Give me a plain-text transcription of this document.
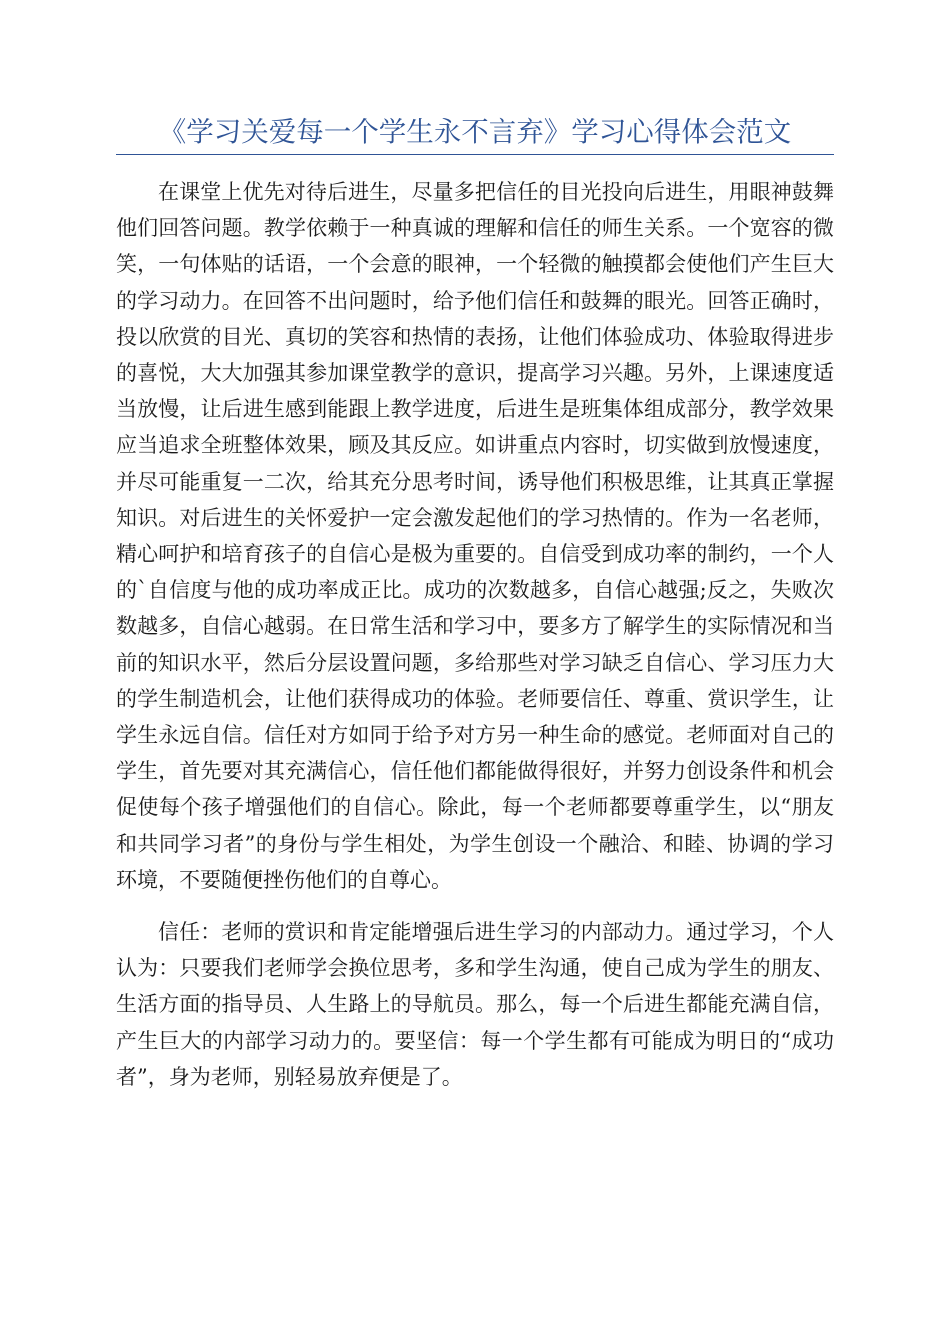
《学习关爱每一个学生永不言弃》学习心得体会范文

在课堂上优先对待后进生，尽量多把信任的目光投向后进生，用眼神鼓舞他们回答问题。教学依赖于一种真诚的理解和信任的师生关系。一个宽容的微笑，一句体贴的话语，一个会意的眼神，一个轻微的触摸都会使他们产生巨大的学习动力。在回答不出问题时，给予他们信任和鼓舞的眼光。回答正确时，投以欣赏的目光、真切的笑容和热情的表扬，让他们体验成功、体验取得进步的喜悦，大大加强其参加课堂教学的意识，提高学习兴趣。另外，上课速度适当放慢，让后进生感到能跟上教学进度，后进生是班集体组成部分，教学效果应当追求全班整体效果，顾及其反应。如讲重点内容时，切实做到放慢速度，并尽可能重复一二次，给其充分思考时间，诱导他们积极思维，让其真正掌握知识。对后进生的关怀爱护一定会激发起他们的学习热情的。作为一名老师，精心呵护和培育孩子的自信心是极为重要的。自信受到成功率的制约，一个人的`自信度与他的成功率成正比。成功的次数越多，自信心越强;反之，失败次数越多，自信心越弱。在日常生活和学习中，要多方了解学生的实际情况和当前的知识水平，然后分层设置问题，多给那些对学习缺乏自信心、学习压力大的学生制造机会，让他们获得成功的体验。老师要信任、尊重、赏识学生，让学生永远自信。信任对方如同于给予对方另一种生命的感觉。老师面对自己的学生，首先要对其充满信心，信任他们都能做得很好，并努力创设条件和机会促使每个孩子增强他们的自信心。除此，每一个老师都要尊重学生，以“朋友和共同学习者”的身份与学生相处，为学生创设一个融洽、和睦、协调的学习环境，不要随便挫伤他们的自尊心。

信任：老师的赏识和肯定能增强后进生学习的内部动力。通过学习，个人认为：只要我们老师学会换位思考，多和学生沟通，使自己成为学生的朋友、生活方面的指导员、人生路上的导航员。那么，每一个后进生都能充满自信，产生巨大的内部学习动力的。要坚信：每一个学生都有可能成为明日的“成功者”，身为老师，别轻易放弃便是了。
